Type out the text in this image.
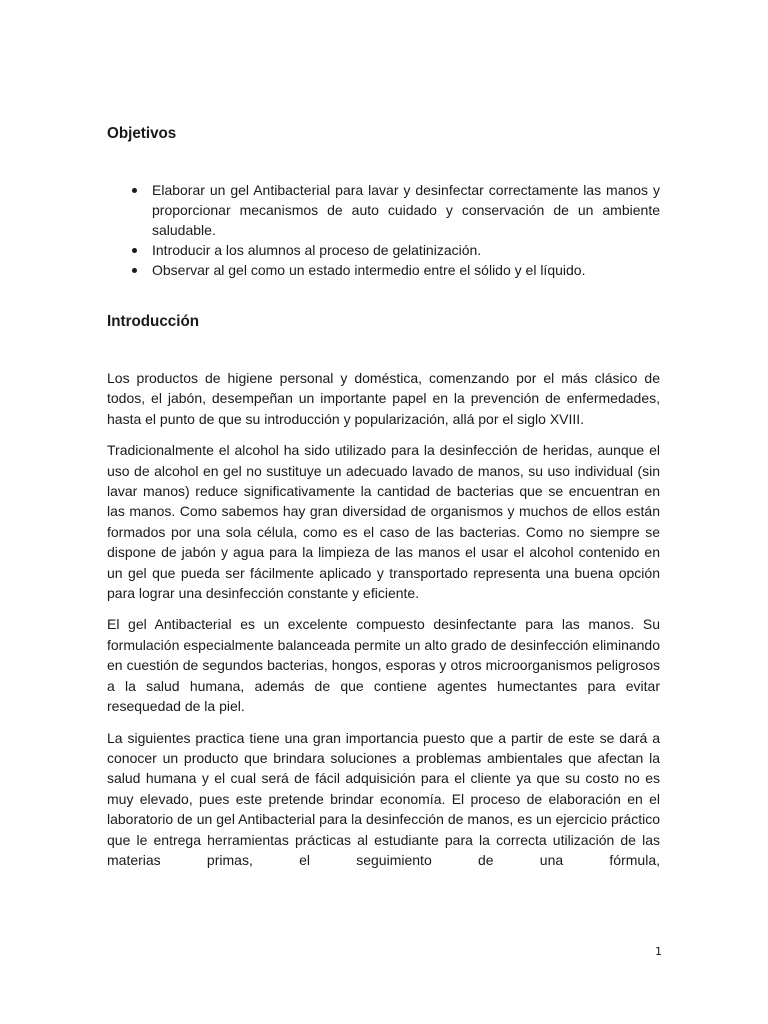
Objetivos
Elaborar un gel Antibacterial para lavar y desinfectar correctamente las manos y proporcionar mecanismos de auto cuidado y conservación de un ambiente saludable.
Introducir a los alumnos al proceso de gelatinización.
Observar al gel como un estado intermedio entre el sólido y el líquido.
Introducción

Los productos de higiene personal y doméstica, comenzando por el más clásico de todos, el jabón, desempeñan un importante papel en la prevención de enfermedades, hasta el punto de que su introducción y popularización, allá por el siglo XVIII.

Tradicionalmente el alcohol ha sido utilizado para la desinfección de heridas, aunque el uso de alcohol en gel no sustituye un adecuado lavado de manos, su uso individual (sin lavar manos) reduce significativamente la cantidad de bacterias que se encuentran en las manos. Como sabemos hay gran diversidad de organismos y muchos de ellos están formados por una sola célula, como es el caso de las bacterias. Como no siempre se dispone de jabón y agua para la limpieza de las manos el usar el alcohol contenido en un gel que pueda ser fácilmente aplicado y transportado representa una buena opción para lograr una desinfección constante y eficiente.

El gel Antibacterial es un excelente compuesto desinfectante para las manos. Su formulación especialmente balanceada permite un alto grado de desinfección eliminando en cuestión de segundos bacterias, hongos, esporas y otros microorganismos peligrosos a la salud humana, además de que contiene agentes humectantes para evitar resequedad de la piel.

La siguientes practica tiene una gran importancia puesto que a partir de este se dará a conocer un producto que brindara soluciones a problemas ambientales que afectan la salud humana y el cual será de fácil adquisición para el cliente ya que su costo no es muy elevado, pues este pretende brindar economía. El proceso de elaboración en el laboratorio de un gel Antibacterial para la desinfección de manos, es un ejercicio práctico que le entrega herramientas prácticas al estudiante para la correcta utilización de las materias primas, el seguimiento de una fórmula,

1
